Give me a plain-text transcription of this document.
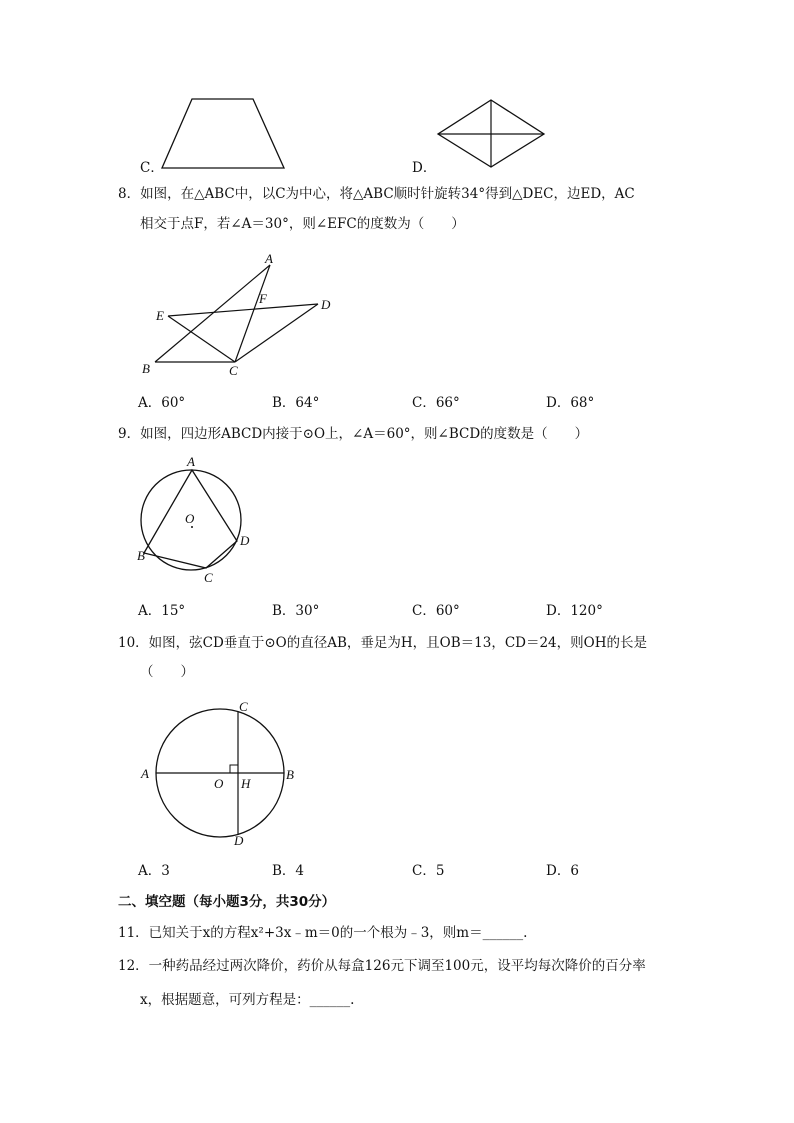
C．	D．
8．如图，在△ABC中，以C为中心，将△ABC顺时针旋转34°得到△DEC，边ED，AC
相交于点F，若∠A＝30°，则∠EFC的度数为（　　）
A
F	D
E
B	C
A．60°	B．64°	C．66°	D．68°
9．如图，四边形ABCD内接于⊙O上，∠A＝60°，则∠BCD的度数是（　　）
A
O
D
B
C
A．15°	B．30°	C．60°	D．120°
10．如图，弦CD垂直于⊙O的直径AB，垂足为H，且OB＝13，CD＝24，则OH的长是
（　　）
C
A	B
O H
D
A．3	B．4	C．5	D．6
二、填空题（每小题3分，共30分）
11．已知关于x的方程x²+3x﹣m＝0的一个根为﹣3，则m＝______.
12．一种药品经过两次降价，药价从每盒126元下调至100元，设平均每次降价的百分率
x，根据题意，可列方程是：______.
